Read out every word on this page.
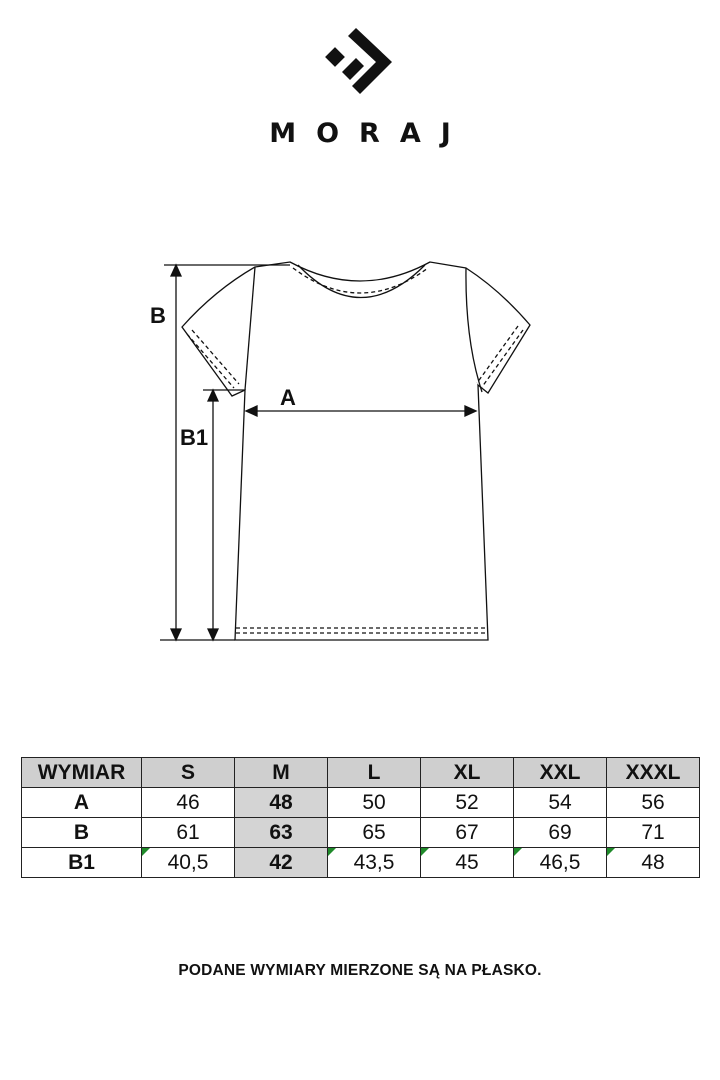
MORAJ
A
B
B1
WYMIAR	S	M	L	XL	XXL	XXXL
A	46	48	50	52	54	56
B	61	63	65	67	69	71
B1	40,5	42	43,5	45	46,5	48
PODANE WYMIARY MIERZONE SĄ NA PŁASKO.
